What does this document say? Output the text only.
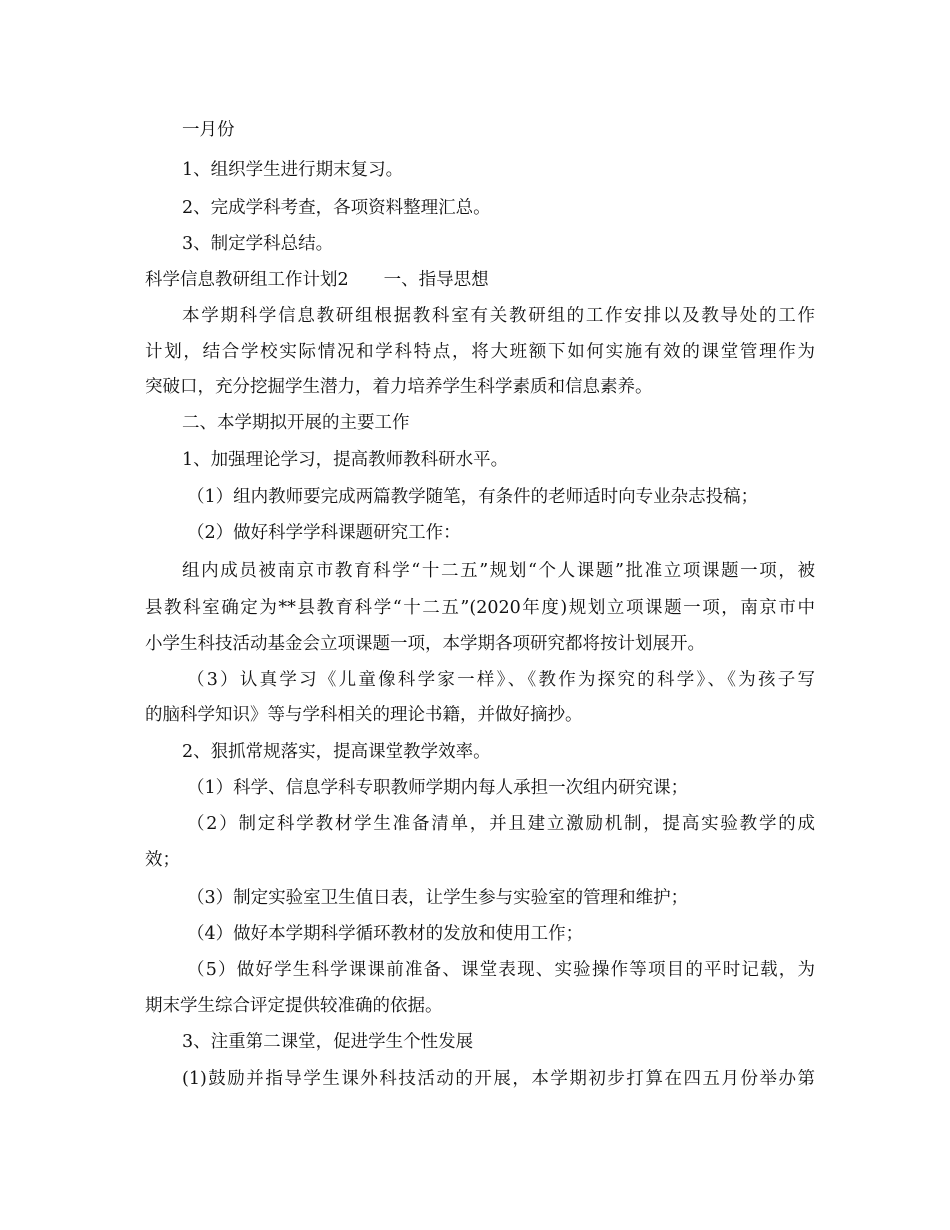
一月份
1、组织学生进行期末复习。
2、完成学科考查，各项资料整理汇总。
3、制定学科总结。
科学信息教研组工作计划2　　一、指导思想
本学期科学信息教研组根据教科室有关教研组的工作安排以及教导处的工作
计划，结合学校实际情况和学科特点，将大班额下如何实施有效的课堂管理作为
突破口，充分挖掘学生潜力，着力培养学生科学素质和信息素养。
二、本学期拟开展的主要工作
1、加强理论学习，提高教师教科研水平。
（1）组内教师要完成两篇教学随笔，有条件的老师适时向专业杂志投稿；
（2）做好科学学科课题研究工作：
组内成员被南京市教育科学“十二五”规划“个人课题”批准立项课题一项，被
县教科室确定为**县教育科学“十二五”(2020年度)规划立项课题一项，南京市中
小学生科技活动基金会立项课题一项，本学期各项研究都将按计划展开。
（3）认真学习《儿童像科学家一样》、《教作为探究的科学》、《为孩子写
的脑科学知识》等与学科相关的理论书籍，并做好摘抄。
2、狠抓常规落实，提高课堂教学效率。
（1）科学、信息学科专职教师学期内每人承担一次组内研究课；
（2）制定科学教材学生准备清单，并且建立激励机制，提高实验教学的成
效；
（3）制定实验室卫生值日表，让学生参与实验室的管理和维护；
（4）做好本学期科学循环教材的发放和使用工作；
（5）做好学生科学课课前准备、课堂表现、实验操作等项目的平时记载，为
期末学生综合评定提供较准确的依据。
3、注重第二课堂，促进学生个性发展
(1)鼓励并指导学生课外科技活动的开展，本学期初步打算在四五月份举办第
